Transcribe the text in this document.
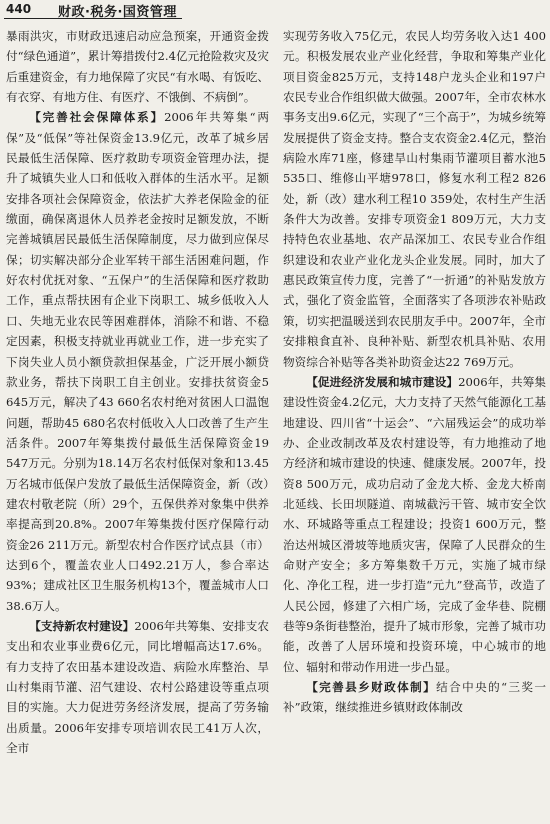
440 财政·税务·国资管理

暴雨洪灾，市财政迅速启动应急预案，开通资金拨付“绿色通道”，累计筹措拨付2.4亿元抢险救灾及灾后重建资金，有力地保障了灾民“有水喝、有饭吃、有衣穿、有地方住、有医疗、不饿倒、不病倒”。

【完善社会保障体系】2006年共筹集“两保”及“低保”等社保资金13.9亿元，改革了城乡居民最低生活保障、医疗救助专项资金管理办法，提升了城镇失业人口和低收入群体的生活水平。足额安排各项社会保障资金，依法扩大养老保险金的征缴面，确保离退休人员养老金按时足额发放，不断完善城镇居民最低生活保障制度，尽力做到应保尽保；切实解决部分企业军转干部生活困难问题，作好农村优抚对象、“五保户”的生活保障和医疗救助工作，重点帮扶困有企业下岗职工、城乡低收入人口、失地无业农民等困难群体，消除不和谐、不稳定因素，积极支持就业再就业工作，进一步充实了下岗失业人员小额贷款担保基金，广泛开展小额贷款业务，帮扶下岗职工自主创业。安排扶贫资金5 645万元，解决了43 660名农村绝对贫困人口温饱问题，帮助45 680名农村低收入人口改善了生产生活条件。2007年筹集拨付最低生活保障资金19 547万元。分别为18.14万名农村低保对象和13.45万名城市低保户发放了最低生活保障资金，新（改）建农村敬老院（所）29个，五保供养对象集中供养率提高到20.8%。2007年筹集拨付医疗保障行动资金26 211万元。新型农村合作医疗试点县（市）达到6个，覆盖农业人口492.21万人，参合率达93%；建成社区卫生服务机构13个，覆盖城市人口38.6万人。

【支持新农村建设】2006年共筹集、安排支农支出和农业事业费6亿元，同比增幅高达17.6%。有力支持了农田基本建设改造、病险水库整治、旱山村集雨节灌、沼气建设、农村公路建设等重点项目的实施。大力促进劳务经济发展，提高了劳务输出质量。2006年安排专项培训农民工41万人次，全市

实现劳务收入75亿元，农民人均劳务收入达1 400元。积极发展农业产业化经营，争取和筹集产业化项目资金825万元，支持148户龙头企业和197户农民专业合作组织做大做强。2007年，全市农林水事务支出9.6亿元，实现了“三个高于”，为城乡统筹发展提供了资金支持。整合支农资金2.4亿元，整治病险水库71座，修建旱山村集雨节灌项目蓄水池5 535口、维修山平塘978口，修复水利工程2 826处，新（改）建水利工程10 359处，农村生产生活条件大为改善。安排专项资金1 809万元，大力支持特色农业基地、农产品深加工、农民专业合作组织建设和农业产业化龙头企业发展。同时，加大了惠民政策宣传力度，完善了“一折通”的补贴发放方式，强化了资金监管，全面落实了各项涉农补贴政策，切实把温暖送到农民朋友手中。2007年，全市安排粮食直补、良种补贴、新型农机具补贴、农用物资综合补贴等各类补助资金达22 769万元。

【促进经济发展和城市建设】2006年，共筹集建设性资金4.2亿元，大力支持了天然气能源化工基地建设、四川省“十运会”、“六届残运会”的成功举办、企业改制改革及农村建设等，有力地推动了地方经济和城市建设的快速、健康发展。2007年，投资8 500万元，成功启动了金龙大桥、金龙大桥南北延线、长田坝隧道、南城截污干管、城市安全饮水、环城路等重点工程建设；投资1 600万元，整治达州城区滑坡等地质灾害，保障了人民群众的生命财产安全；多方筹集数千万元，实施了城市绿化、净化工程，进一步打造“元九”登高节，改造了人民公园，修建了六相广场，完成了金华巷、院棚巷等9条街巷整治，提升了城市形象，完善了城市功能，改善了人居环境和投资环境，中心城市的地位、辐射和带动作用进一步凸显。

【完善县乡财政体制】结合中央的“三奖一补”政策，继续推进乡镇财政体制改
